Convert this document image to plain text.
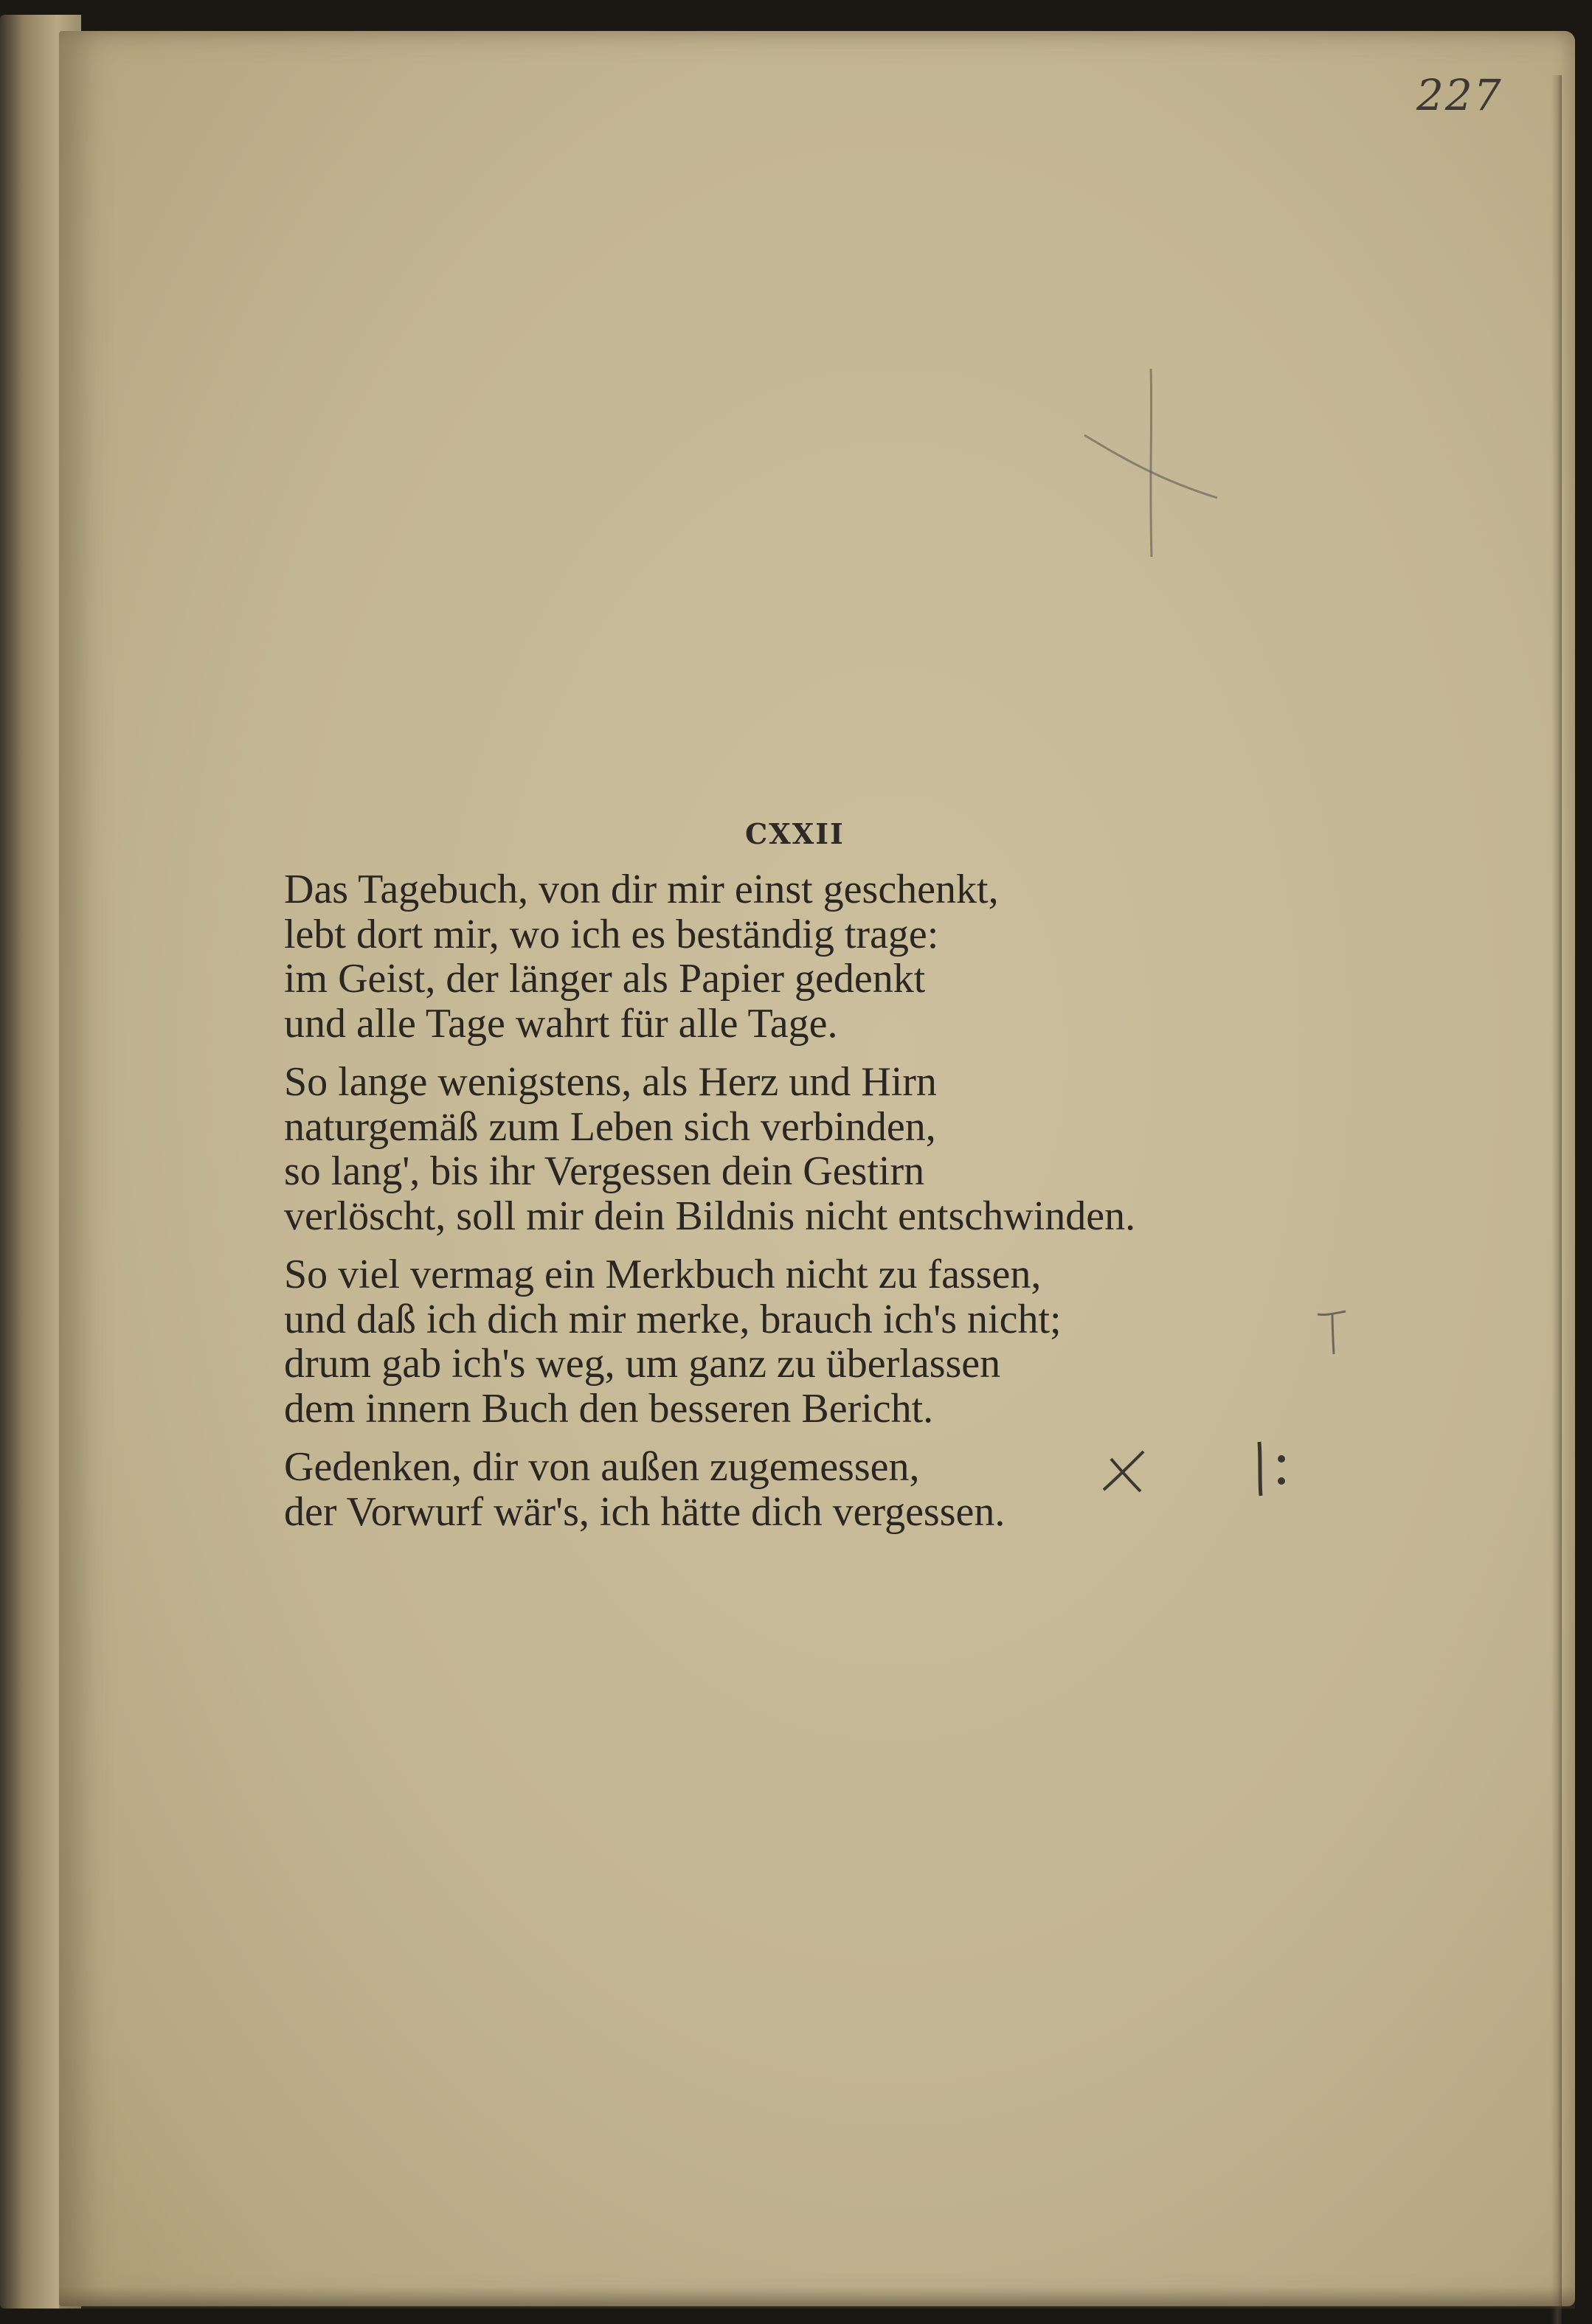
227
CXXII
Das Tagebuch, von dir mir einst geschenkt,
lebt dort mir, wo ich es beständig trage:
im Geist, der länger als Papier gedenkt
und alle Tage wahrt für alle Tage.
So lange wenigstens, als Herz und Hirn
naturgemäß zum Leben sich verbinden,
so lang', bis ihr Vergessen dein Gestirn
verlöscht, soll mir dein Bildnis nicht entschwinden.
So viel vermag ein Merkbuch nicht zu fassen,
und daß ich dich mir merke, brauch ich's nicht;
drum gab ich's weg, um ganz zu überlassen
dem innern Buch den besseren Bericht.
Gedenken, dir von außen zugemessen,
der Vorwurf wär's, ich hätte dich vergessen.
